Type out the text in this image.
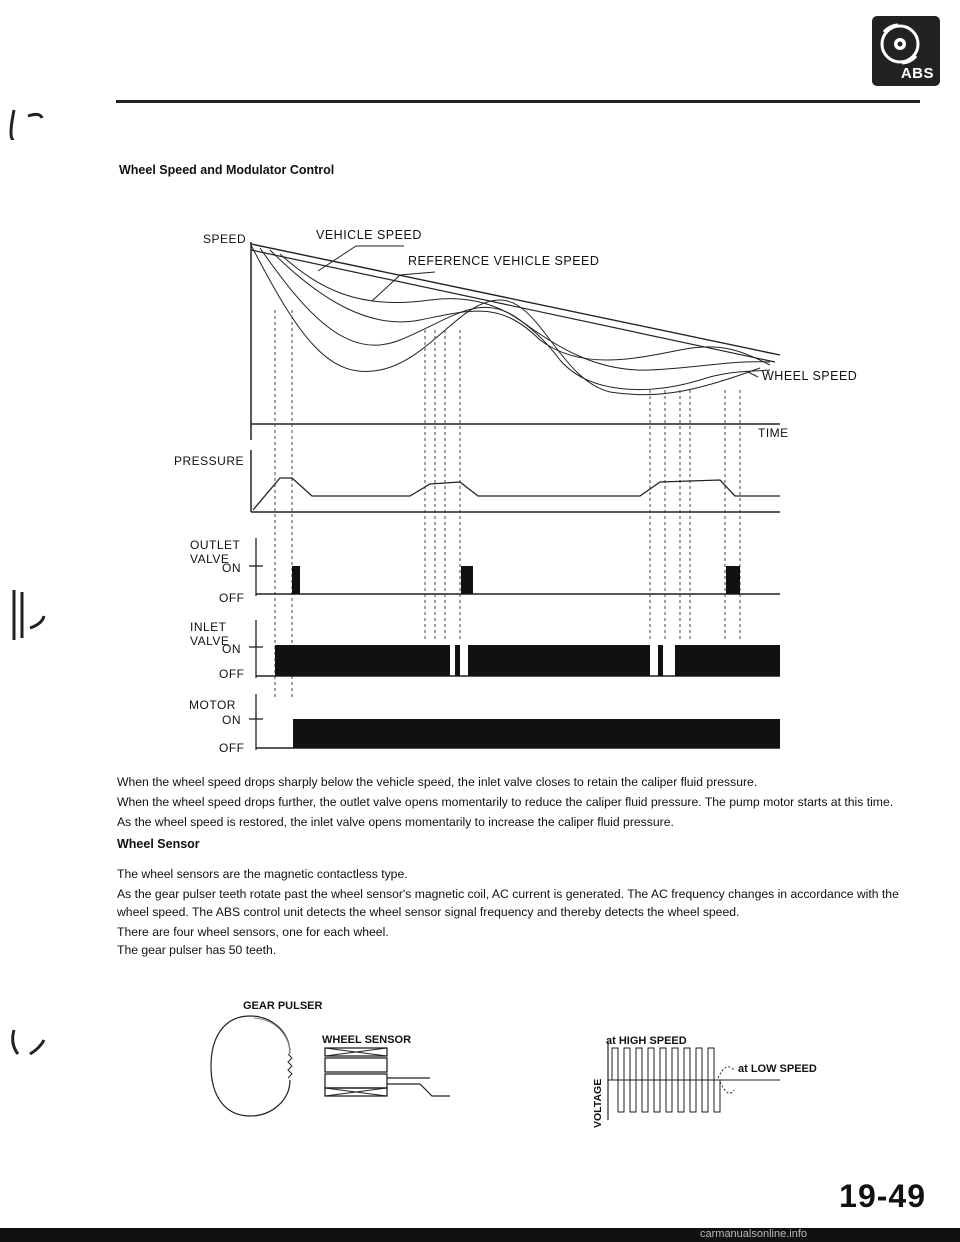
ABS
Wheel Speed and Modulator Control
SPEED	VEHICLE SPEED
REFERENCE VEHICLE SPEED
WHEEL SPEED
TIME
PRESSURE
OUTLET
VALVE
ON
OFF
INLET
VALVE
ON
OFF
MOTOR
ON
OFF

When the wheel speed drops sharply below the vehicle speed, the inlet valve closes to retain the caliper fluid pressure.

When the wheel speed drops further, the outlet valve opens momentarily to reduce the caliper fluid pressure. The pump motor starts at this time.

As the wheel speed is restored, the inlet valve opens momentarily to increase the caliper fluid pressure.

Wheel Sensor

The wheel sensors are the magnetic contactless type.

As the gear pulser teeth rotate past the wheel sensor's magnetic coil, AC current is generated. The AC frequency changes in accordance with the wheel speed. The ABS control unit detects the wheel sensor signal frequency and thereby detects the wheel speed.

There are four wheel sensors, one for each wheel.

The gear pulser has 50 teeth.

GEAR PULSER
WHEEL SENSOR	at HIGH SPEED
at LOW SPEED
VOLTAGE
19-49
carmanualsonline.info
